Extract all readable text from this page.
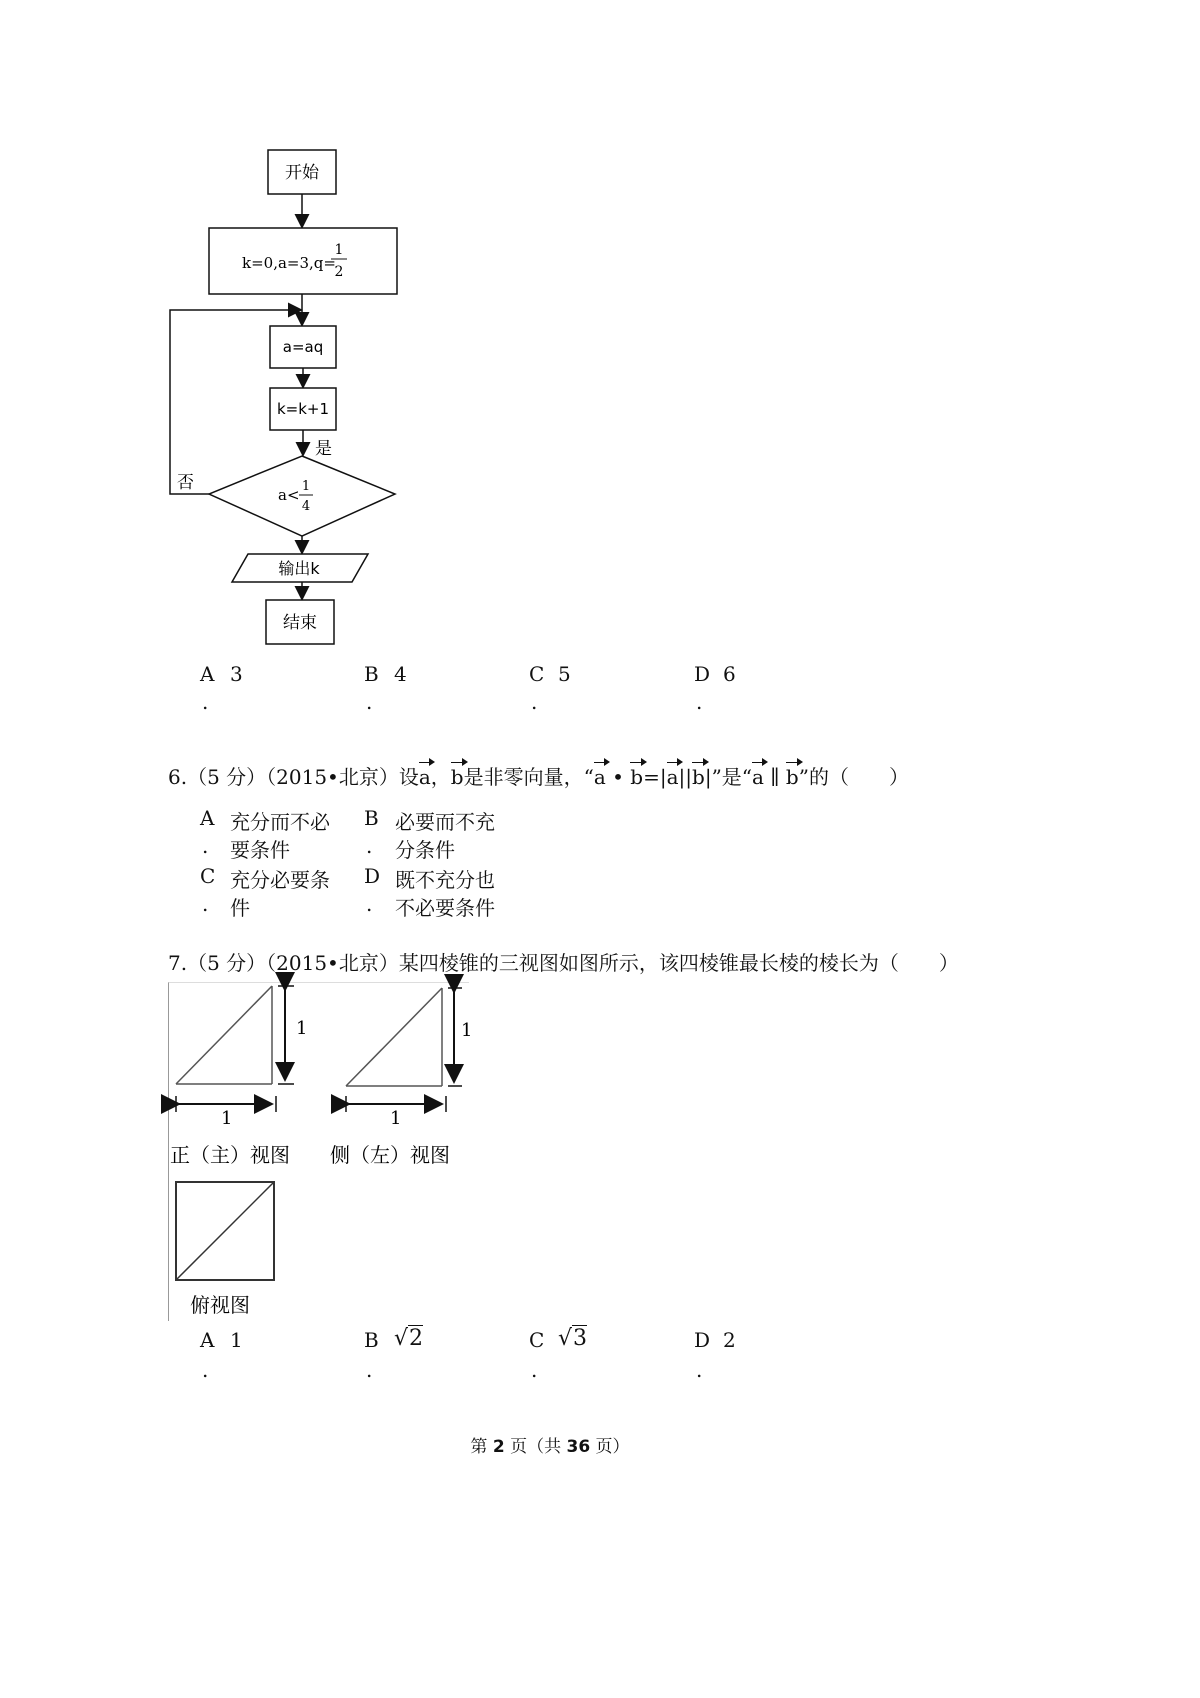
开始
k=0,a=3,q=
1
2
a=aq
k=k+1
是
a< 1
4
否
输出k
结束
A 3
.
B 4
.
C 5
.
D 6
.
6.（5 分）（2015•北京）设a，b是非零向量，“a • b=|a||b|”是“a ∥ b”的（　　）
A 充分而不必
. 要条件
B 必要而不充
. 分条件
C 充分必要条
. 件
D 既不充分也
. 不必要条件
7.（5 分）（2015•北京）某四棱锥的三视图如图所示，该四棱锥最长棱的棱长为（　　）
1
1
正（主）视图
1
1
侧（左）视图
俯视图
A 1
.
B √2
.
C √3
.
D 2
.
第 2 页（共 36 页）
